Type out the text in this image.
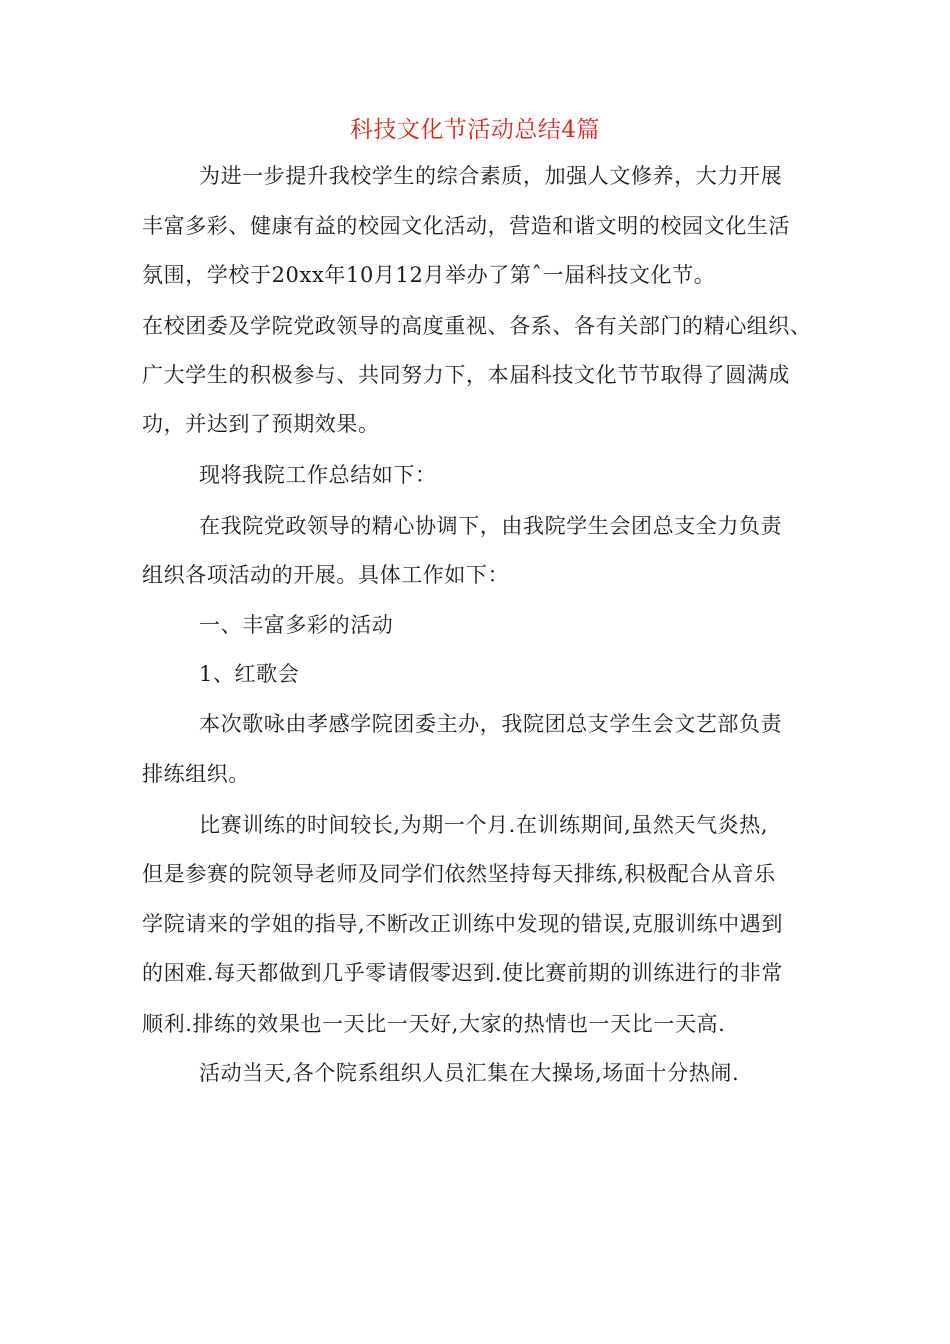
科技文化节活动总结4篇
为进一步提升我校学生的综合素质，加强人文修养，大力开展
丰富多彩、健康有益的校园文化活动，营造和谐文明的校园文化生活
氛围，学校于20xx年10月12月举办了第ˆ一届科技文化节。
在校团委及学院党政领导的高度重视、各系、各有关部门的精心组织、
广大学生的积极参与、共同努力下，本届科技文化节节取得了圆满成
功，并达到了预期效果。
现将我院工作总结如下：
在我院党政领导的精心协调下，由我院学生会团总支全力负责
组织各项活动的开展。具体工作如下：
一、丰富多彩的活动
1、红歌会
本次歌咏由孝感学院团委主办，我院团总支学生会文艺部负责
排练组织。
比赛训练的时间较长,为期一个月.在训练期间,虽然天气炎热,
但是参赛的院领导老师及同学们依然坚持每天排练,积极配合从音乐
学院请来的学姐的指导,不断改正训练中发现的错误,克服训练中遇到
的困难.每天都做到几乎零请假零迟到.使比赛前期的训练进行的非常
顺利.排练的效果也一天比一天好,大家的热情也一天比一天高.
活动当天,各个院系组织人员汇集在大操场,场面十分热闹.
